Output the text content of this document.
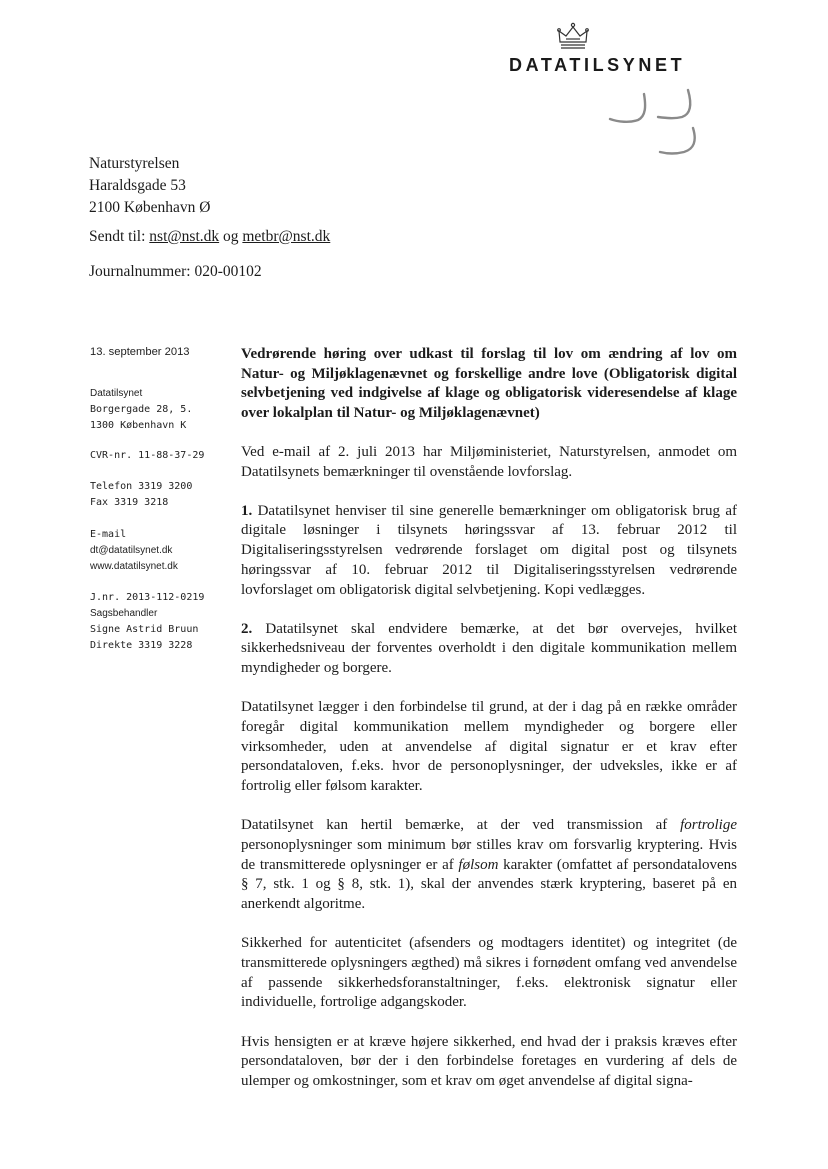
DATATILSYNET
Naturstyrelsen
Haraldsgade 53
2100 København Ø
Sendt til: nst@nst.dk og metbr@nst.dk
Journalnummer: 020-00102
13. september 2013
Datatilsynet
Borgergade 28, 5.
1300 København K
CVR-nr. 11-88-37-29
Telefon 3319 3200
Fax 3319 3218
E-mail
dt@datatilsynet.dk
www.datatilsynet.dk
J.nr. 2013-112-0219
Sagsbehandler
Signe Astrid Bruun
Direkte 3319 3228

Vedrørende høring over udkast til forslag til lov om ændring af lov om Natur- og Miljøklagenævnet og forskellige andre love (Obligatorisk digital selvbetjening ved indgivelse af klage og obligatorisk videresendelse af klage over lokalplan til Natur- og Miljøklagenævnet)

Ved e-mail af 2. juli 2013 har Miljøministeriet, Naturstyrelsen, anmodet om Datatilsynets bemærkninger til ovenstående lovforslag.

1. Datatilsynet henviser til sine generelle bemærkninger om obligatorisk brug af digitale løsninger i tilsynets høringssvar af 13. februar 2012 til Digitaliseringsstyrelsen vedrørende forslaget om digital post og tilsynets høringssvar af 10. februar 2012 til Digitaliseringsstyrelsen vedrørende lovforslaget om obligatorisk digital selvbetjening. Kopi vedlægges.

2. Datatilsynet skal endvidere bemærke, at det bør overvejes, hvilket sikkerhedsniveau der forventes overholdt i den digitale kommunikation mellem myndigheder og borgere.

Datatilsynet lægger i den forbindelse til grund, at der i dag på en række områder foregår digital kommunikation mellem myndigheder og borgere eller virksomheder, uden at anvendelse af digital signatur er et krav efter persondataloven, f.eks. hvor de personoplysninger, der udveksles, ikke er af fortrolig eller følsom karakter.

Datatilsynet kan hertil bemærke, at der ved transmission af fortrolige personoplysninger som minimum bør stilles krav om forsvarlig kryptering. Hvis de transmitterede oplysninger er af følsom karakter (omfattet af persondatalovens § 7, stk. 1 og § 8, stk. 1), skal der anvendes stærk kryptering, baseret på en anerkendt algoritme.

Sikkerhed for autenticitet (afsenders og modtagers identitet) og integritet (de transmitterede oplysningers ægthed) må sikres i fornødent omfang ved anvendelse af passende sikkerhedsforanstaltninger, f.eks. elektronisk signatur eller individuelle, fortrolige adgangskoder.

Hvis hensigten er at kræve højere sikkerhed, end hvad der i praksis kræves efter persondataloven, bør der i den forbindelse foretages en vurdering af dels de ulemper og omkostninger, som et krav om øget anvendelse af digital signa-
